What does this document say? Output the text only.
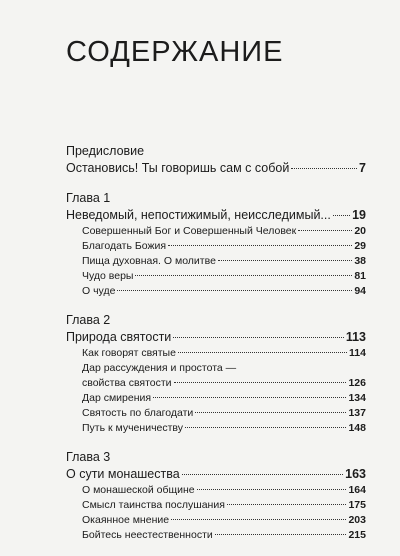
СОДЕРЖАНИЕ
Предисловие
Остановись! Ты говоришь сам с собой	7
Глава 1
Неведомый, непостижимый, неисследимый... 19
Совершенный Бог и Совершенный Человек	20
Благодать Божия	29
Пища духовная. О молитве	38
Чудо веры	81
О чуде	94
Глава 2
Природа святости	113
Как говорят святые	114
Дар рассуждения и простота —
свойства святости	126
Дар смирения	134
Святость по благодати	137
Путь к мученичеству	148
Глава 3
О сути монашества	163
О монашеской общине	164
Смысл таинства послушания	175
Окаянное мнение	203
Бойтесь неестественности	215
